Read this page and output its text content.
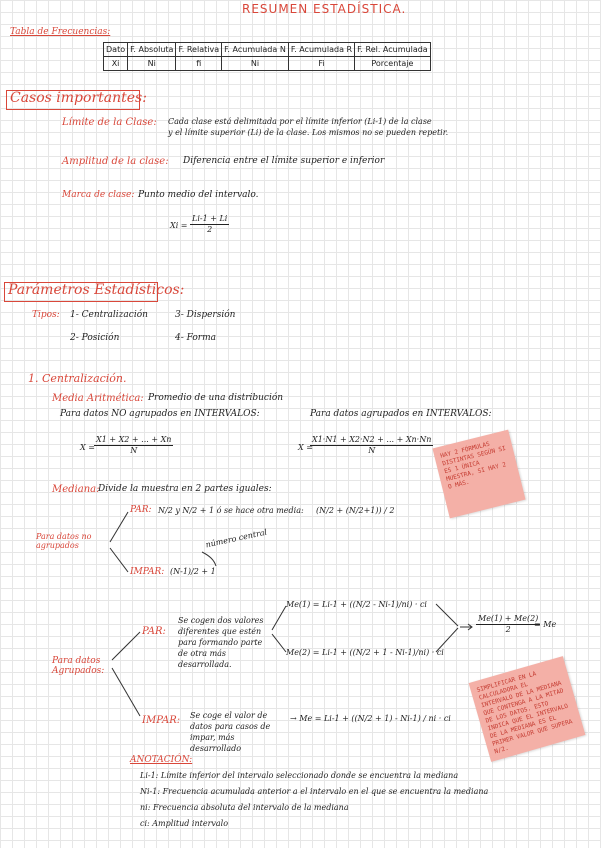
RESUMEN ESTADÍSTICA.
Tabla de Frecuencias:
Dato	F. Absoluta	F. Relativa	F. Acumulada N	F. Acumulada R	F. Rel. Acumulada
Xi	Ni	fi	Ni	Fi	Porcentaje
Casos importantes:
Límite de la Clase: Cada clase está delimitada por el límite inferior (Li-1) de la clase
y el límite superior (Li) de la clase. Los mismos no se pueden repetir.
Amplitud de la clase: Diferencia entre el límite superior e inferior
Marca de clase: Punto medio del intervalo.
$Xi = \frac{Li-1 + Li}{2}$
Parámetros Estadísticos:
Tipos: 1- Centralización
2- Posición
3- Dispersión
4- Forma
1. Centralización.
Media Aritmética: Promedio de una distribución
Para datos NO agrupados en INTERVALOS:	Para datos agrupados en INTERVALOS:
$X = \frac{X1 + X2 + ... + Xn}{N}$	X =
$\frac{X1\cdot N1 + X2\cdot N2 + ... + Xn\cdot Nn}{N}$	HAY 2 FÓRMULAS DISTINTAS SEGÚN SI ES 1 ÚNICA MUESTRA, SI HAY 2 O MÁS.
Mediana:
Divide la muestra en 2 partes iguales:
Para datos no agrupados
PAR: N/2 y N/2 + 1 ó se hace otra media: (N/2 + (N/2+1)) / 2
número central
IMPAR: (N-1)/2 + 1
Para datos Agrupados:
PAR:
Se cogen dos valores diferentes que estén para formando parte de otra más desarrollada.
Me(1) = Li-1 + ((N/2 - Ni-1)/ni) · ci
Me(2) = Li-1 + ((N/2 + 1 - Ni-1)/ni) · ci
$\frac{Me(1) + Me(2)}{2}$
= Me
SIMPLIFICAR EN LA CALCULADORA EL INTERVALO DE LA MEDIANA QUE CONTENGA A LA MITAD DE LOS DATOS. ESTO INDICA QUE EL INTERVALO DE LA MEDIANA ES EL PRIMER VALOR QUE SUPERA N/2.
IMPAR: Se coge el valor de datos para casos de impar, más desarrollado
→ Me = Li-1 + ((N/2 + 1) - Ni-1) / ni · ci
ANOTACIÓN:
Li-1: Límite inferior del intervalo seleccionado donde se encuentra la mediana
Ni-1: Frecuencia acumulada anterior a el intervalo en el que se encuentra la mediana
ni: Frecuencia absoluta del intervalo de la mediana
ci: Amplitud intervalo
